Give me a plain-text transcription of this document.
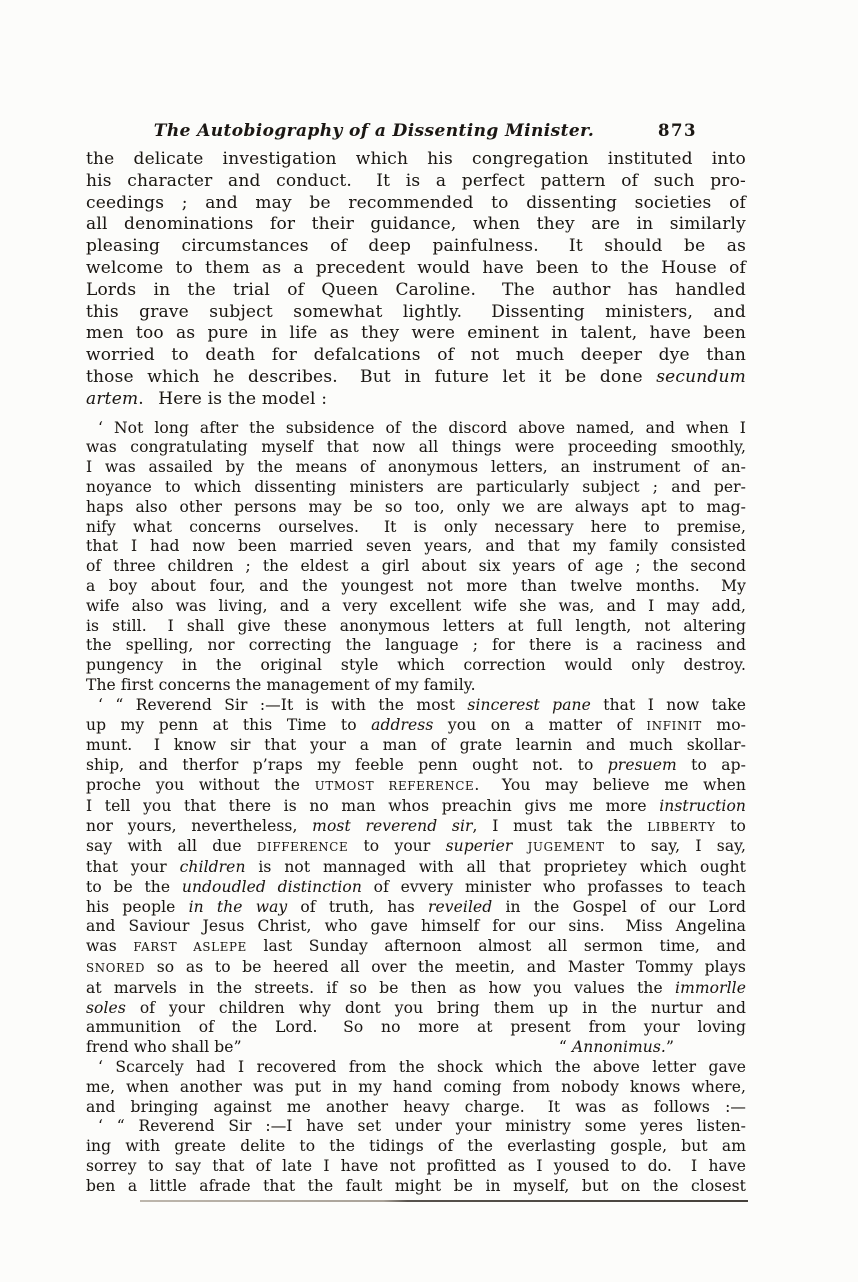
The Autobiography of a Dissenting Minister.	873
the delicate investigation which his congregation instituted into
his character and conduct.  It is a perfect pattern of such pro-
ceedings ; and may be recommended to dissenting societies of
all denominations for their guidance, when they are in similarly
pleasing circumstances of deep painfulness.  It should be as
welcome to them as a precedent would have been to the House of
Lords in the trial of Queen Caroline.  The author has handled
this grave subject somewhat lightly.  Dissenting ministers, and
men too as pure in life as they were eminent in talent, have been
worried to death for defalcations of not much deeper dye than
those which he describes.  But in future let it be done secundum
artem.  Here is the model :
‘ Not long after the subsidence of the discord above named, and when I
was congratulating myself that now all things were proceeding smoothly,
I was assailed by the means of anonymous letters, an instrument of an-
noyance to which dissenting ministers are particularly subject ; and per-
haps also other persons may be so too, only we are always apt to mag-
nify what concerns ourselves.  It is only necessary here to premise,
that I had now been married seven years, and that my family consisted
of three children ; the eldest a girl about six years of age ; the second
a boy about four, and the youngest not more than twelve months.  My
wife also was living, and a very excellent wife she was, and I may add,
is still.  I shall give these anonymous letters at full length, not altering
the spelling, nor correcting the language ; for there is a raciness and
pungency in the original style which correction would only destroy.
The first concerns the management of my family.
‘ “ Reverend Sir :—It is with the most sincerest pane that I now take
up my penn at this Time to address you on a matter of INFINIT mo-
munt.  I know sir that your a man of grate learnin and much skollar-
ship, and therfor p’raps my feeble penn ought not. to presuem to ap-
proche you without the UTMOST REFERENCE.  You may believe me when
I tell you that there is no man whos preachin givs me more instruction
nor yours, nevertheless, most reverend sir, I must tak the LIBBERTY to
say with all due DIFFERENCE to your superier JUGEMENT to say, I say,
that your children is not mannaged with all that proprietey which ought
to be the undoudled distinction of evvery minister who profasses to teach
his people in the way of truth, has reveiled in the Gospel of our Lord
and Saviour Jesus Christ, who gave himself for our sins.  Miss Angelina
was FARST ASLEPE last Sunday afternoon almost all sermon time, and
SNORED so as to be heered all over the meetin, and Master Tommy plays
at marvels in the streets. if so be then as how you values the immorlle
soles of your children why dont you bring them up in the nurtur and
ammunition of the Lord.  So no more at present from your loving
frend who shall be”	“ Annonimus.”
‘ Scarcely had I recovered from the shock which the above letter gave
me, when another was put in my hand coming from nobody knows where,
and bringing against me another heavy charge.  It was as follows :—
‘ “ Reverend Sir :—I have set under your ministry some yeres listen-
ing with greate delite to the tidings of the everlasting gosple, but am
sorrey to say that of late I have not profitted as I yoused to do.  I have
ben a little afrade that the fault might be in myself, but on the closest
